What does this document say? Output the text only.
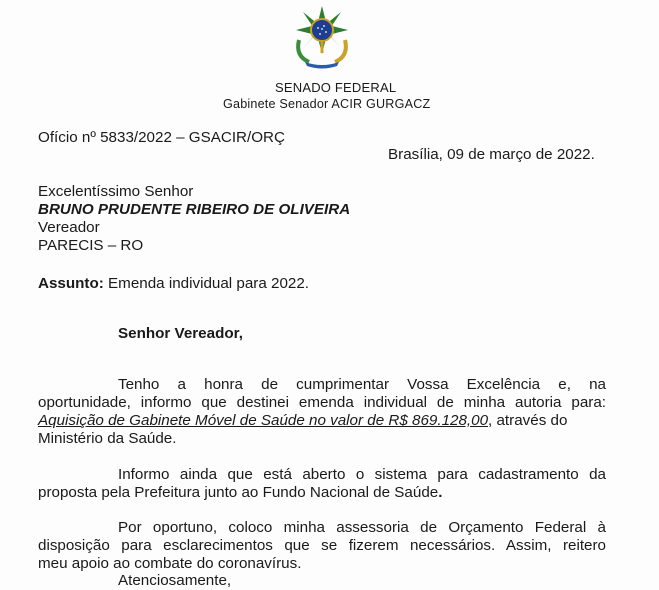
SENADO FEDERAL
Gabinete Senador ACIR GURGACZ
Ofício nº 5833/2022 – GSACIR/ORÇ
Brasília, 09 de março de 2022.
Excelentíssimo Senhor
BRUNO PRUDENTE RIBEIRO DE OLIVEIRA
Vereador
PARECIS – RO
Assunto: Emenda individual para 2022.
Senhor Vereador,
Tenho a honra de cumprimentar Vossa Excelência e, na
oportunidade, informo que destinei emenda individual de minha autoria para:
Aquisição de Gabinete Móvel de Saúde no valor de R$ 869.128,00, através do
Ministério da Saúde.
Informo ainda que está aberto o sistema para cadastramento da
proposta pela Prefeitura junto ao Fundo Nacional de Saúde.
Por oportuno, coloco minha assessoria de Orçamento Federal à
disposição para esclarecimentos que se fizerem necessários. Assim, reitero
meu apoio ao combate do coronavírus.
Atenciosamente,
